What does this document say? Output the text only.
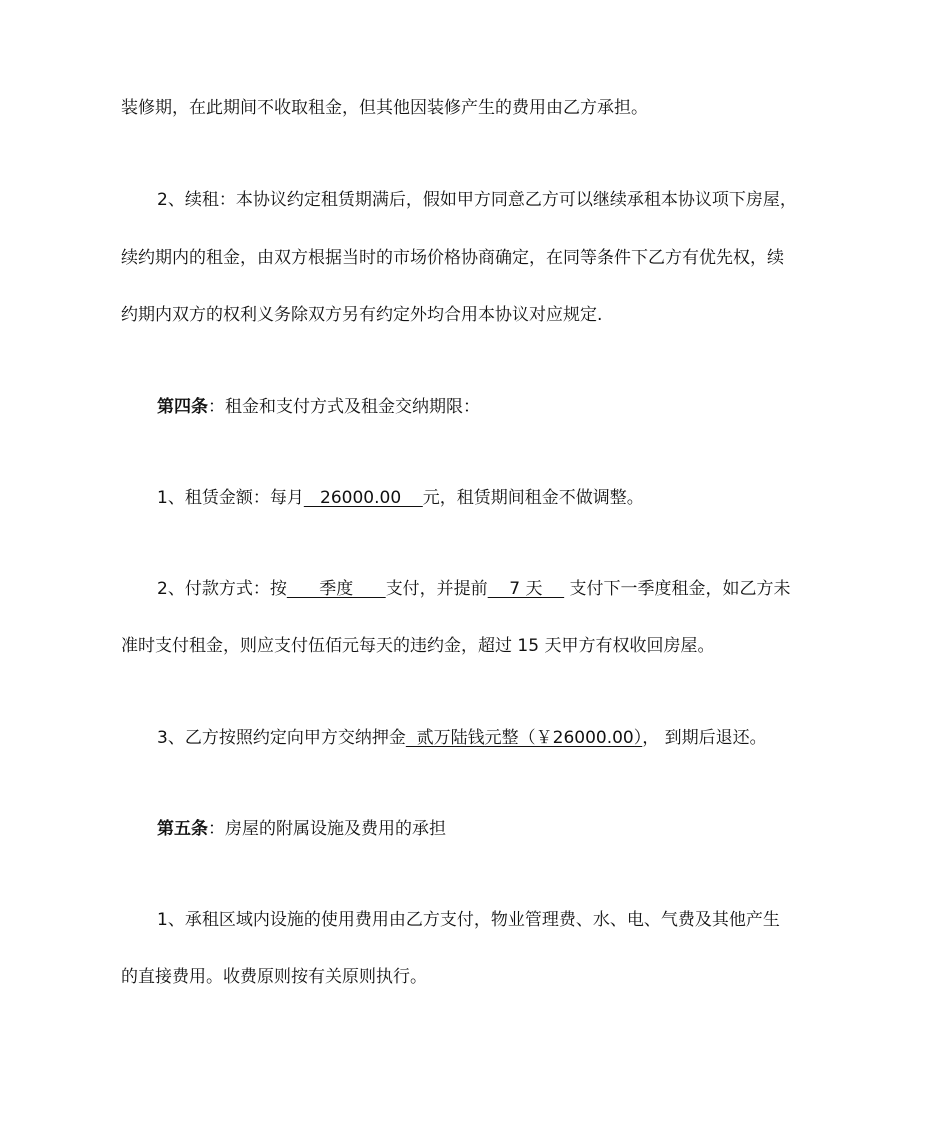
装修期，在此期间不收取租金，但其他因装修产生的费用由乙方承担。
2、续租：本协议约定租赁期满后，假如甲方同意乙方可以继续承租本协议项下房屋，
续约期内的租金，由双方根据当时的市场价格协商确定，在同等条件下乙方有优先权，续
约期内双方的权利义务除双方另有约定外均合用本协议对应规定.
第四条：租金和支付方式及租金交纳期限：
1、租赁金额：每月   26000.00    元，租赁期间租金不做调整。
2、付款方式：按      季度      支付，并提前    7 天     支付下一季度租金，如乙方未
准时支付租金，则应支付伍佰元每天的违约金，超过 15 天甲方有权收回房屋。
3、乙方按照约定向甲方交纳押金  贰万陆钱元整（￥26000.00）， 到期后退还。
第五条：房屋的附属设施及费用的承担
1、承租区域内设施的使用费用由乙方支付，物业管理费、水、电、气费及其他产生
的直接费用。收费原则按有关原则执行。
